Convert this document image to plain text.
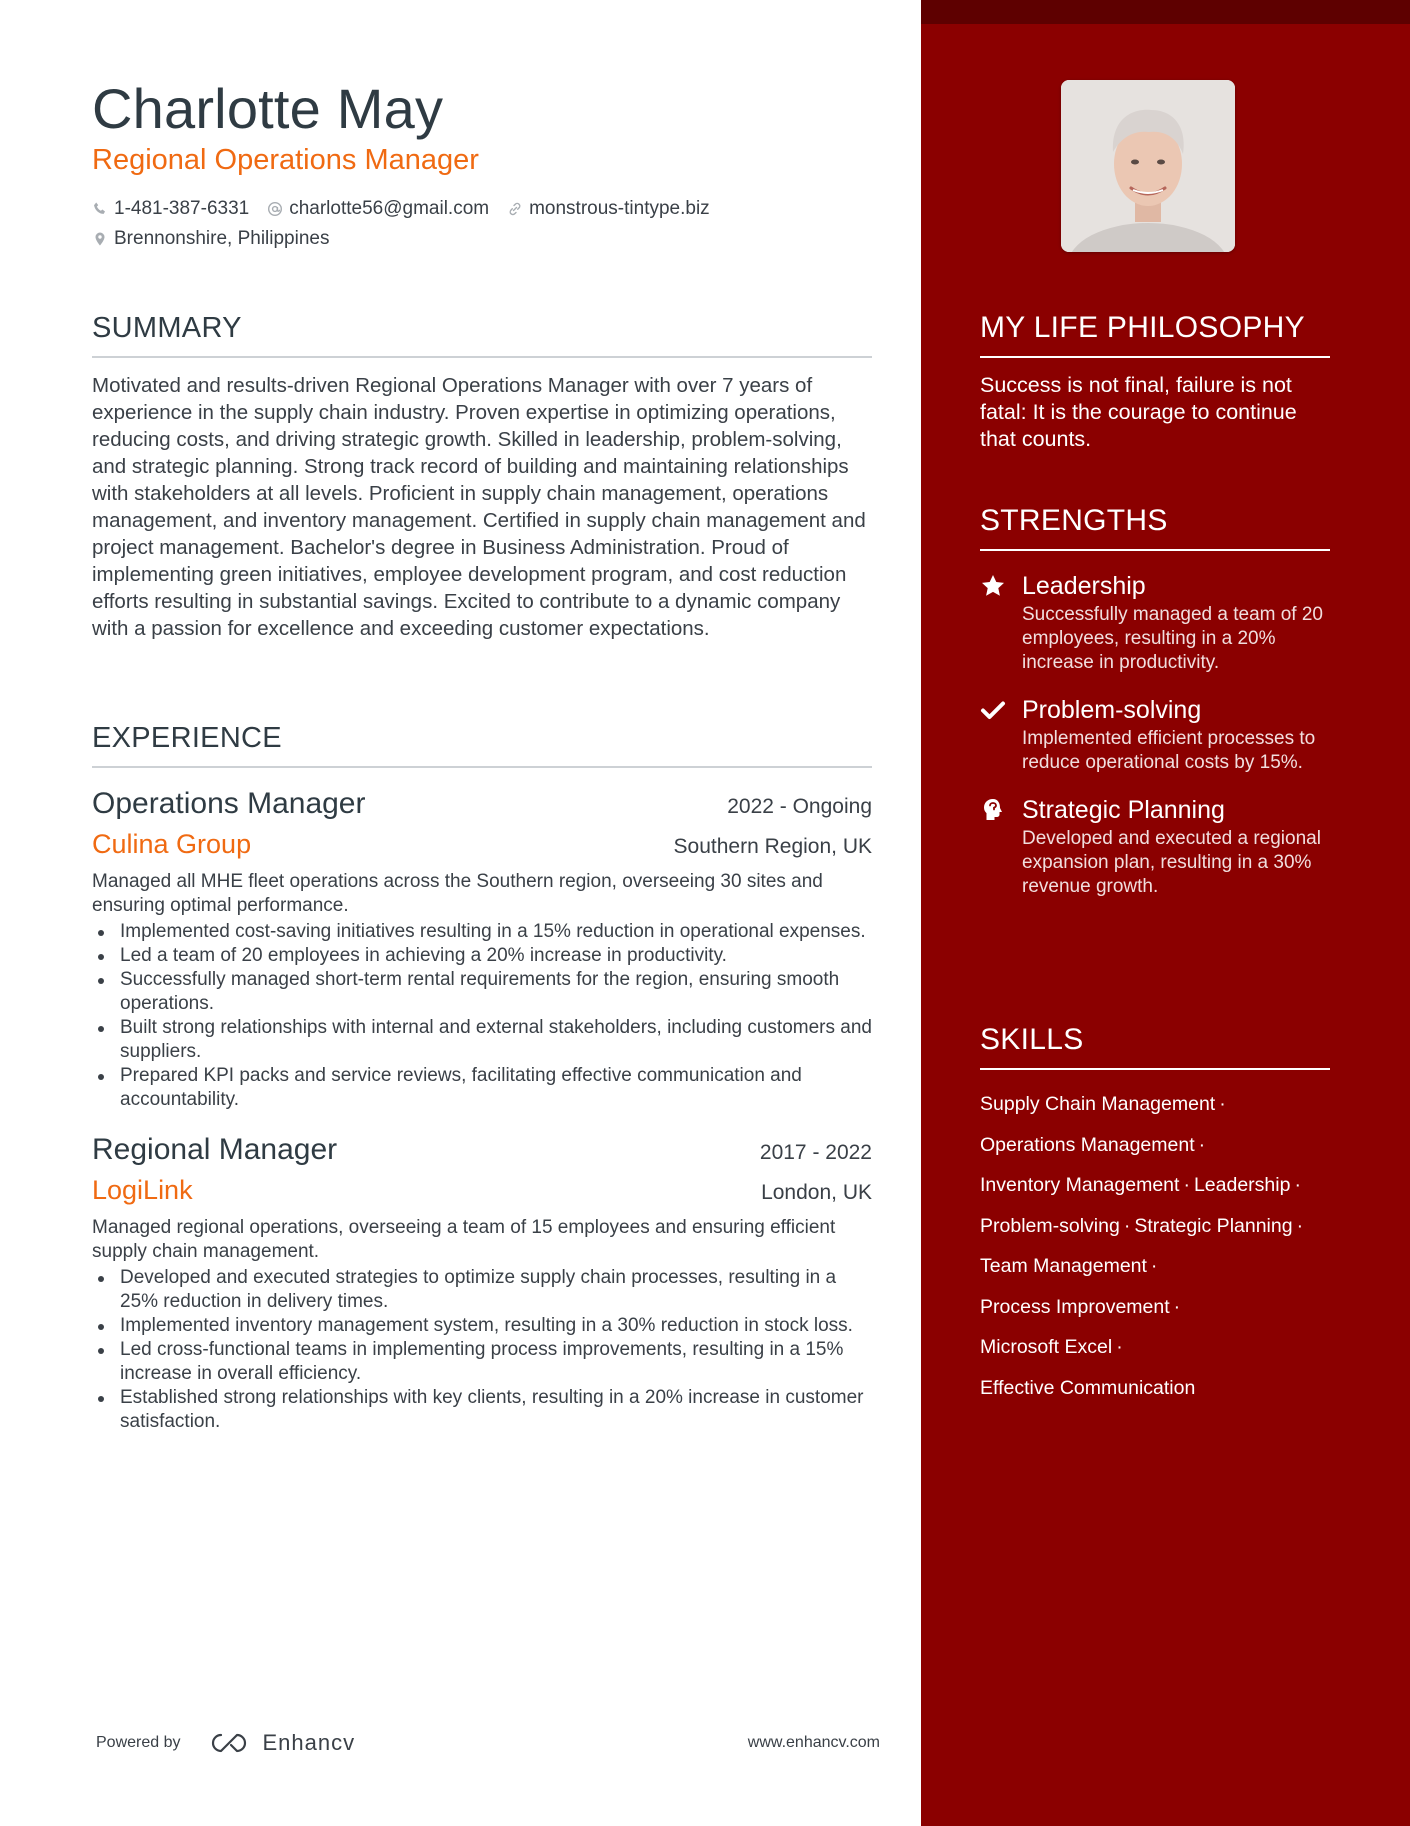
Charlotte May
Regional Operations Manager
1-481-387-6331 charlotte56@gmail.com monstrous-tintype.biz
Brennonshire, Philippines
SUMMARY
Motivated and results-driven Regional Operations Manager with over 7 years of experience in the supply chain industry. Proven expertise in optimizing operations, reducing costs, and driving strategic growth. Skilled in leadership, problem-solving, and strategic planning. Strong track record of building and maintaining relationships with stakeholders at all levels. Proficient in supply chain management, operations management, and inventory management. Certified in supply chain management and project management. Bachelor's degree in Business Administration. Proud of implementing green initiatives, employee development program, and cost reduction efforts resulting in substantial savings. Excited to contribute to a dynamic company with a passion for excellence and exceeding customer expectations.
EXPERIENCE
Operations Manager	2022 - Ongoing
Culina Group	Southern Region, UK
Managed all MHE fleet operations across the Southern region, overseeing 30 sites and ensuring optimal performance.
Implemented cost-saving initiatives resulting in a 15% reduction in operational expenses.
Led a team of 20 employees in achieving a 20% increase in productivity.
Successfully managed short-term rental requirements for the region, ensuring smooth operations.
Built strong relationships with internal and external stakeholders, including customers and suppliers.
Prepared KPI packs and service reviews, facilitating effective communication and accountability.
Regional Manager	2017 - 2022
LogiLink	London, UK
Managed regional operations, overseeing a team of 15 employees and ensuring efficient supply chain management.
Developed and executed strategies to optimize supply chain processes, resulting in a 25% reduction in delivery times.
Implemented inventory management system, resulting in a 30% reduction in stock loss.
Led cross-functional teams in implementing process improvements, resulting in a 15% increase in overall efficiency.
Established strong relationships with key clients, resulting in a 20% increase in customer satisfaction.
Powered by	Enhancv	www.enhancv.com
MY LIFE PHILOSOPHY
Success is not final, failure is not fatal: It is the courage to continue that counts.
STRENGTHS
Leadership
Successfully managed a team of 20 employees, resulting in a 20% increase in productivity.
Problem-solving
Implemented efficient processes to reduce operational costs by 15%.
Strategic Planning
Developed and executed a regional expansion plan, resulting in a 30% revenue growth.
SKILLS
Supply Chain Management ·
Operations Management ·
Inventory Management · Leadership ·
Problem-solving · Strategic Planning ·
Team Management ·
Process Improvement ·
Microsoft Excel ·
Effective Communication
